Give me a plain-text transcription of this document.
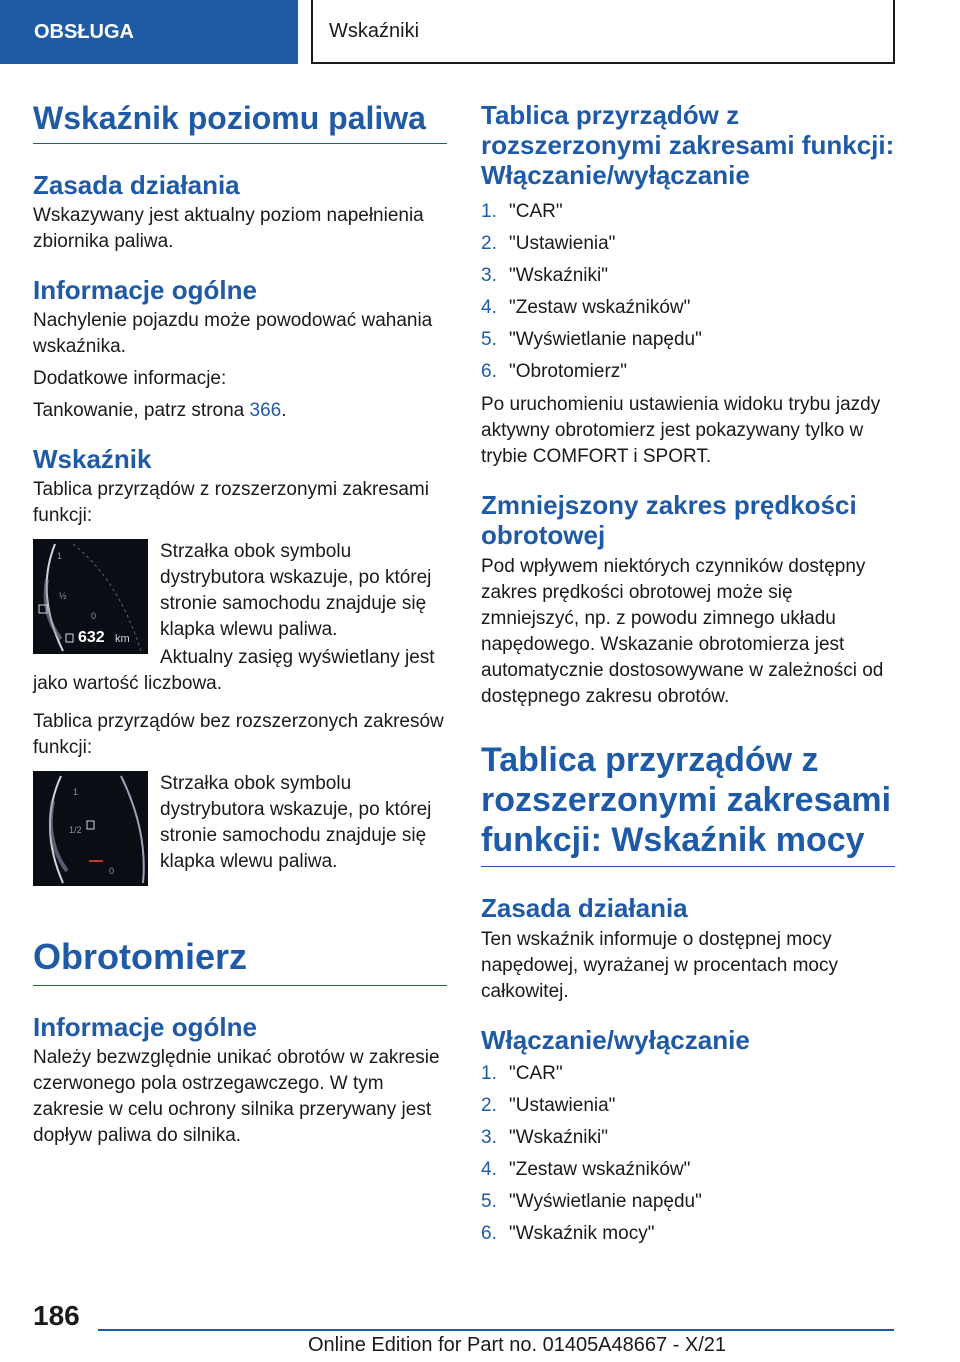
OBSŁUGA	Wskaźniki
Wskaźnik poziomu paliwa
Zasada działania

Wskazywany jest aktualny poziom napełnienia zbiornika paliwa.

Informacje ogólne

Nachylenie pojazdu może powodować wahania wskaźnika.

Dodatkowe informacje:

Tankowanie, patrz strona 366.

Wskaźnik

Tablica przyrządów z rozszerzonymi zakresami funkcji:

1
½
0
632 km

Strzałka obok symbolu dystrybutora wskazuje, po której stronie samochodu znajduje się klapka wlewu paliwa.

Aktualny zasięg wyświetlany jest jako wartość liczbowa.

Tablica przyrządów bez rozszerzonych zakresów funkcji:

1
1/2
0

Strzałka obok symbolu dystrybutora wskazuje, po której stronie samochodu znajduje się klapka wlewu paliwa.

Obrotomierz
Informacje ogólne

Należy bezwzględnie unikać obrotów w zakresie czerwonego pola ostrzegawczego. W tym zakresie w celu ochrony silnika przerywany jest dopływ paliwa do silnika.

Tablica przyrządów z rozszerzonymi zakresami funkcji: Włączanie/wyłączanie
1. "CAR"
2. "Ustawienia"
3. "Wskaźniki"
4. "Zestaw wskaźników"
5. "Wyświetlanie napędu"
6. "Obrotomierz"

Po uruchomieniu ustawienia widoku trybu jazdy aktywny obrotomierz jest pokazywany tylko w trybie COMFORT i SPORT.

Zmniejszony zakres prędkości obrotowej

Pod wpływem niektórych czynników dostępny zakres prędkości obrotowej może się zmniejszyć, np. z powodu zimnego układu napędowego. Wskazanie obrotomierza jest automatycznie dostosowywane w zależności od dostępnego zakresu obrotów.

Tablica przyrządów z rozszerzonymi zakresami funkcji: Wskaźnik mocy
Zasada działania

Ten wskaźnik informuje o dostępnej mocy napędowej, wyrażanej w procentach mocy całkowitej.

Włączanie/wyłączanie
1. "CAR"
2. "Ustawienia"
3. "Wskaźniki"
4. "Zestaw wskaźników"
5. "Wyświetlanie napędu"
6. "Wskaźnik mocy"
186
Online Edition for Part no. 01405A48667 - X/21
